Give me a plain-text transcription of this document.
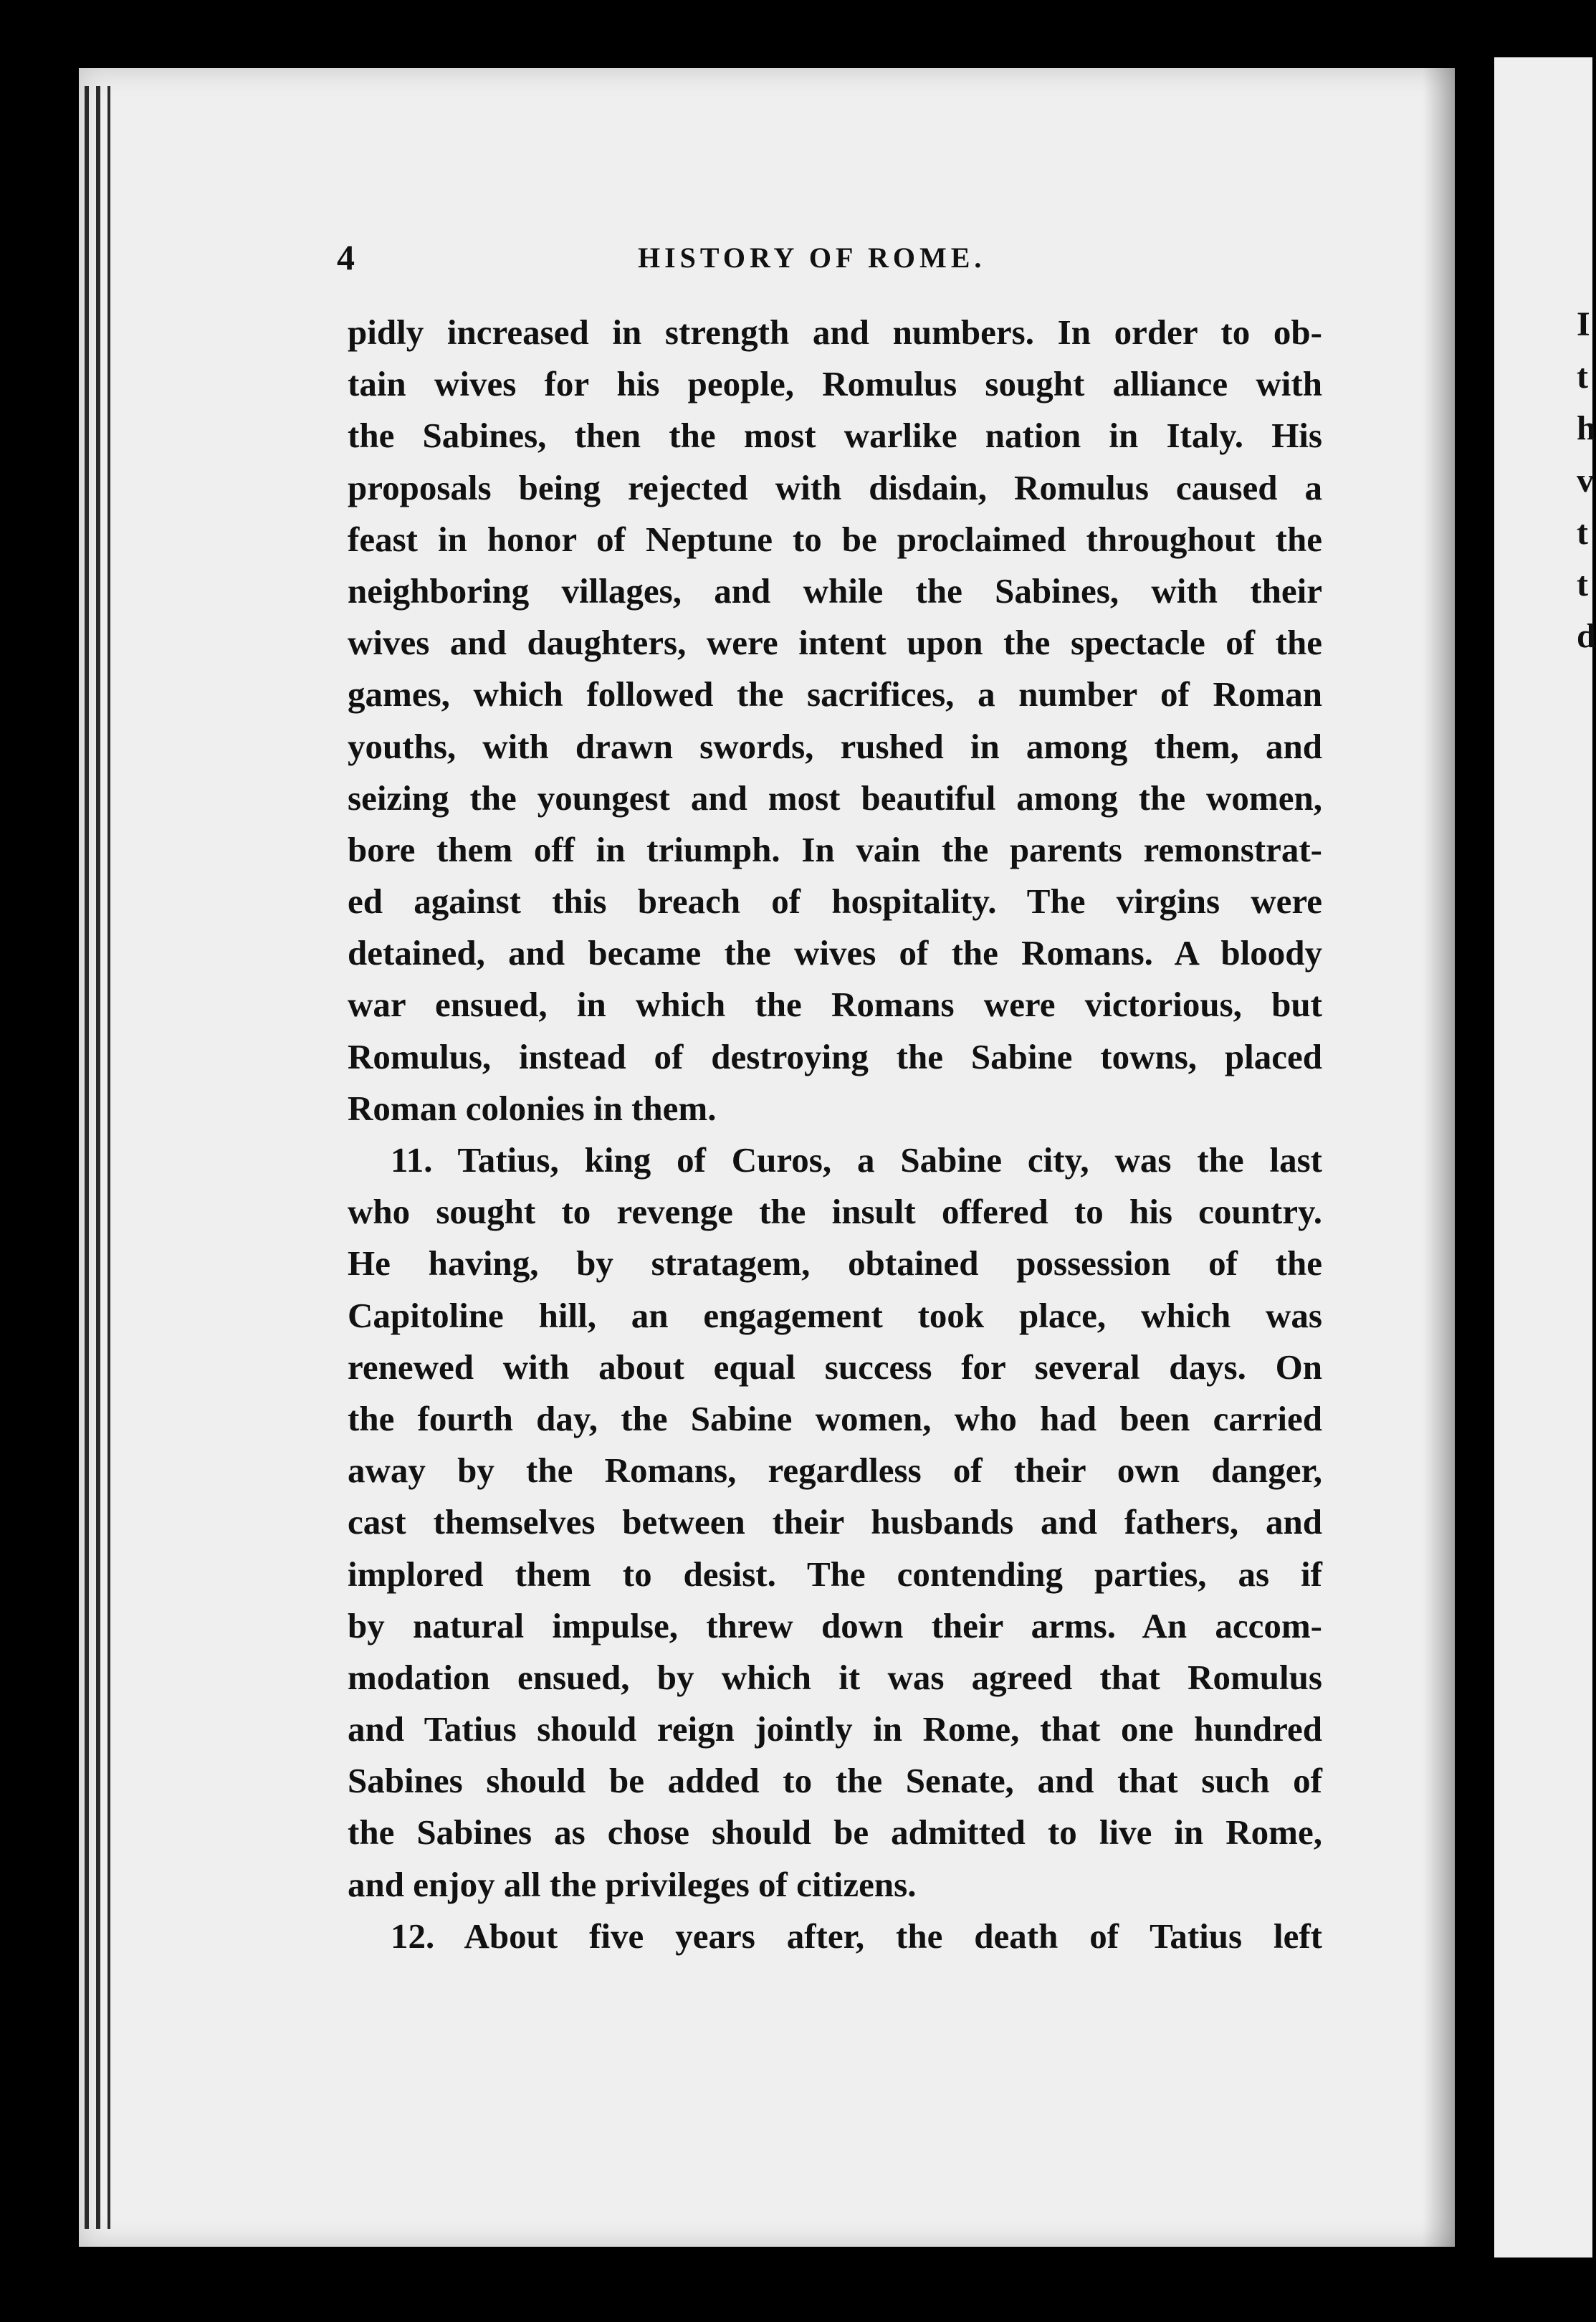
4	HISTORY OF ROME.
pidly increased in strength and numbers. In order to ob-
tain wives for his people, Romulus sought alliance with
the Sabines, then the most warlike nation in Italy. His
proposals being rejected with disdain, Romulus caused a
feast in honor of Neptune to be proclaimed throughout the
neighboring villages, and while the Sabines, with their
wives and daughters, were intent upon the spectacle of the
games, which followed the sacrifices, a number of Roman
youths, with drawn swords, rushed in among them, and
seizing the youngest and most beautiful among the women,
bore them off in triumph. In vain the parents remonstrat-
ed against this breach of hospitality. The virgins were
detained, and became the wives of the Romans. A bloody
war ensued, in which the Romans were victorious, but
Romulus, instead of destroying the Sabine towns, placed
Roman colonies in them.
11. Tatius, king of Curos, a Sabine city, was the last
who sought to revenge the insult offered to his country.
He having, by stratagem, obtained possession of the
Capitoline hill, an engagement took place, which was
renewed with about equal success for several days. On
the fourth day, the Sabine women, who had been carried
away by the Romans, regardless of their own danger,
cast themselves between their husbands and fathers, and
implored them to desist. The contending parties, as if
by natural impulse, threw down their arms. An accom-
modation ensued, by which it was agreed that Romulus
and Tatius should reign jointly in Rome, that one hundred
Sabines should be added to the Senate, and that such of
the Sabines as chose should be admitted to live in Rome,
and enjoy all the privileges of citizens.
12. About five years after, the death of Tatius left
I
t
h
v
t
t
d
